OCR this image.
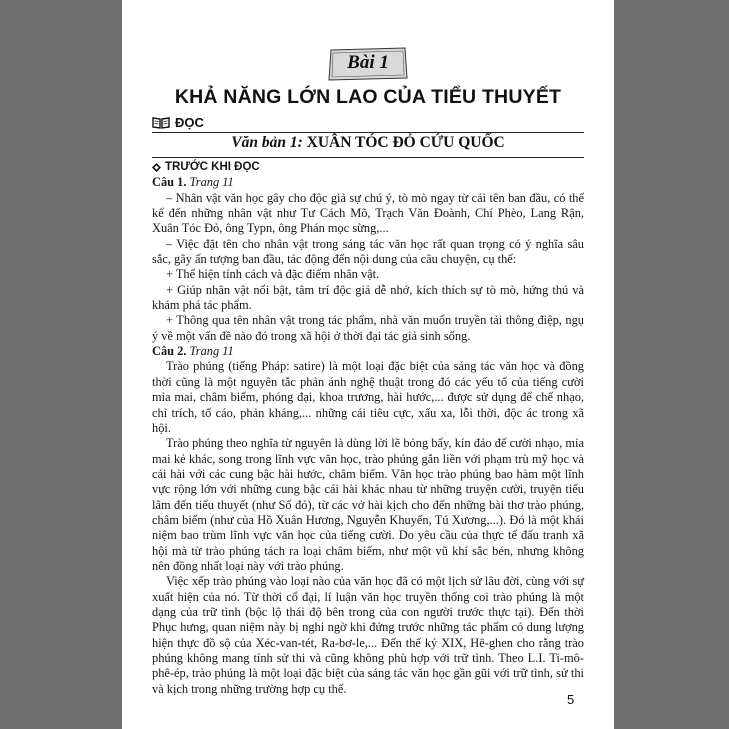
Bài 1
KHẢ NĂNG LỚN LAO CỦA TIỂU THUYẾT
ĐỌC
Văn bản 1: XUÂN TÓC ĐỎ CỨU QUỐC
TRƯỚC KHI ĐỌC
Câu 1. Trang 11

– Nhân vật văn học gây cho độc giả sự chú ý, tò mò ngay từ cái tên ban đầu, có thể kể đến những nhân vật như Tư Cách Mõ, Trạch Văn Đoành, Chí Phèo, Lang Rận, Xuân Tóc Đỏ, ông Typn, ông Phán mọc sừng,...

– Việc đặt tên cho nhân vật trong sáng tác văn học rất quan trọng có ý nghĩa sâu sắc, gây ấn tượng ban đầu, tác động đến nội dung của câu chuyện, cụ thể:

+ Thể hiện tính cách và đặc điểm nhân vật.

+ Giúp nhân vật nổi bật, tâm trí độc giả dễ nhớ, kích thích sự tò mò, hứng thú và khám phá tác phẩm.

+ Thông qua tên nhân vật trong tác phẩm, nhà văn muốn truyền tải thông điệp, ngụ ý về một vấn đề nào đó trong xã hội ở thời đại tác giả sinh sống.

Câu 2. Trang 11

Trào phúng (tiếng Pháp: satire) là một loại đặc biệt của sáng tác văn học và đồng thời cũng là một nguyên tắc phản ánh nghệ thuật trong đó các yếu tố của tiếng cười mỉa mai, châm biếm, phóng đại, khoa trương, hài hước,... được sử dụng để chế nhạo, chỉ trích, tố cáo, phản kháng,... những cái tiêu cực, xấu xa, lỗi thời, độc ác trong xã hội.

Trào phúng theo nghĩa từ nguyên là dùng lời lẽ bóng bẩy, kín đáo để cười nhạo, mỉa mai kẻ khác, song trong lĩnh vực văn học, trào phúng gắn liền với phạm trù mỹ học và cái hài với các cung bậc hài hước, châm biếm. Văn học trào phúng bao hàm một lĩnh vực rộng lớn với những cung bậc cái hài khác nhau từ những truyện cười, truyện tiếu lâm đến tiểu thuyết (như Số đỏ), từ các vở hài kịch cho đến những bài thơ trào phúng, châm biếm (như của Hồ Xuân Hương, Nguyễn Khuyến, Tú Xương,...). Đó là một khái niệm bao trùm lĩnh vực văn học của tiếng cười. Do yêu cầu của thực tế đấu tranh xã hội mà từ trào phúng tách ra loại châm biếm, như một vũ khí sắc bén, nhưng không nên đồng nhất loại này với trào phúng.

Việc xếp trào phúng vào loại nào của văn học đã có một lịch sử lâu đời, cùng với sự xuất hiện của nó. Từ thời cổ đại, lí luận văn học truyền thống coi trào phúng là một dạng của trữ tình (bộc lộ thái độ bên trong của con người trước thực tại). Đến thời Phục hưng, quan niệm này bị nghi ngờ khi đứng trước những tác phẩm có dung lượng hiện thực đồ sộ của Xéc-van-tét, Ra-bơ-le,... Đến thế kỷ XIX, Hê-ghen cho rằng trào phúng không mang tính sử thi và cũng không phù hợp với trữ tình. Theo L.I. Ti-mô-phê-ép, trào phúng là một loại đặc biệt của sáng tác văn học gần gũi với trữ tình, sử thi và kịch trong những trường hợp cụ thể.

5
